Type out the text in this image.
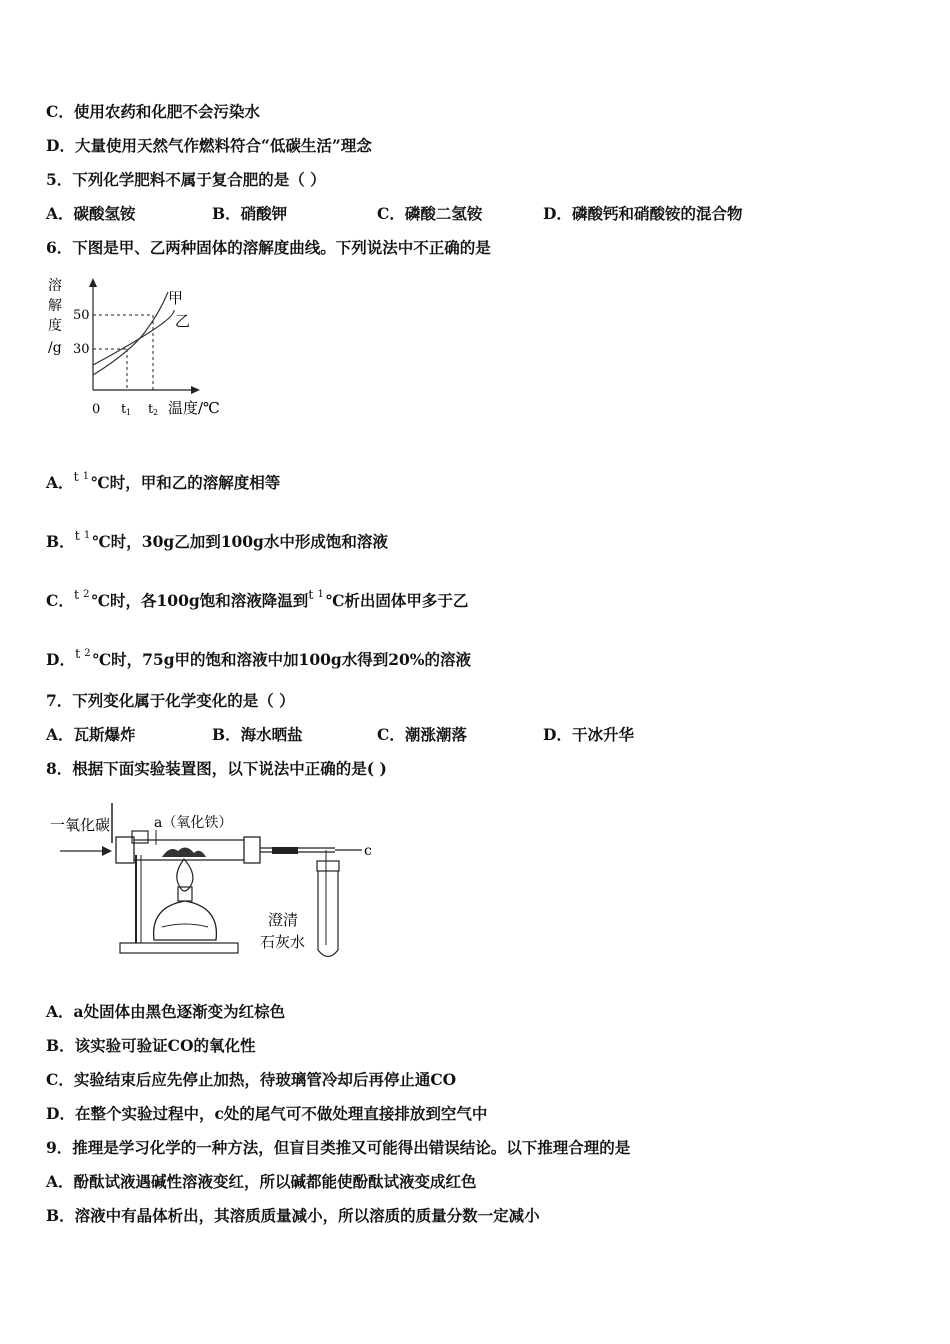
C．使用农药和化肥不会污染水
D．大量使用天然气作燃料符合“低碳生活”理念
5．下列化学肥料不属于复合肥的是（ ）
A．碳酸氢铵	B．硝酸钾	C．磷酸二氢铵	D．磷酸钙和硝酸铵的混合物
6．下图是甲、乙两种固体的溶解度曲线。下列说法中不正确的是
溶
解
度
/g
50
30
甲
乙
0 t 1 t 2 温度/℃
A．$^t$ $^1$ ℃时，甲和乙的溶解度相等
B．$^t$ $^1$ ℃时，30g乙加到100g水中形成饱和溶液
C．$^t$ $^2$ ℃时，各100g饱和溶液降温到$^t$ $^1$ ℃析出固体甲多于乙
D．$^t$ $^2$ ℃时，75g甲的饱和溶液中加100g水得到20%的溶液
7．下列变化属于化学变化的是（ ）
A．瓦斯爆炸	B．海水晒盐	C．潮涨潮落	D．干冰升华
8．根据下面实验装置图，以下说法中正确的是( )
一氧化碳	a（氧化铁）
c
澄清
石灰水
A．a处固体由黑色逐渐变为红棕色
B．该实验可验证CO的氧化性
C．实验结束后应先停止加热，待玻璃管冷却后再停止通CO
D．在整个实验过程中，c处的尾气可不做处理直接排放到空气中
9．推理是学习化学的一种方法，但盲目类推又可能得出错误结论。以下推理合理的是
A．酚酞试液遇碱性溶液变红，所以碱都能使酚酞试液变成红色
B．溶液中有晶体析出，其溶质质量减小，所以溶质的质量分数一定减小
